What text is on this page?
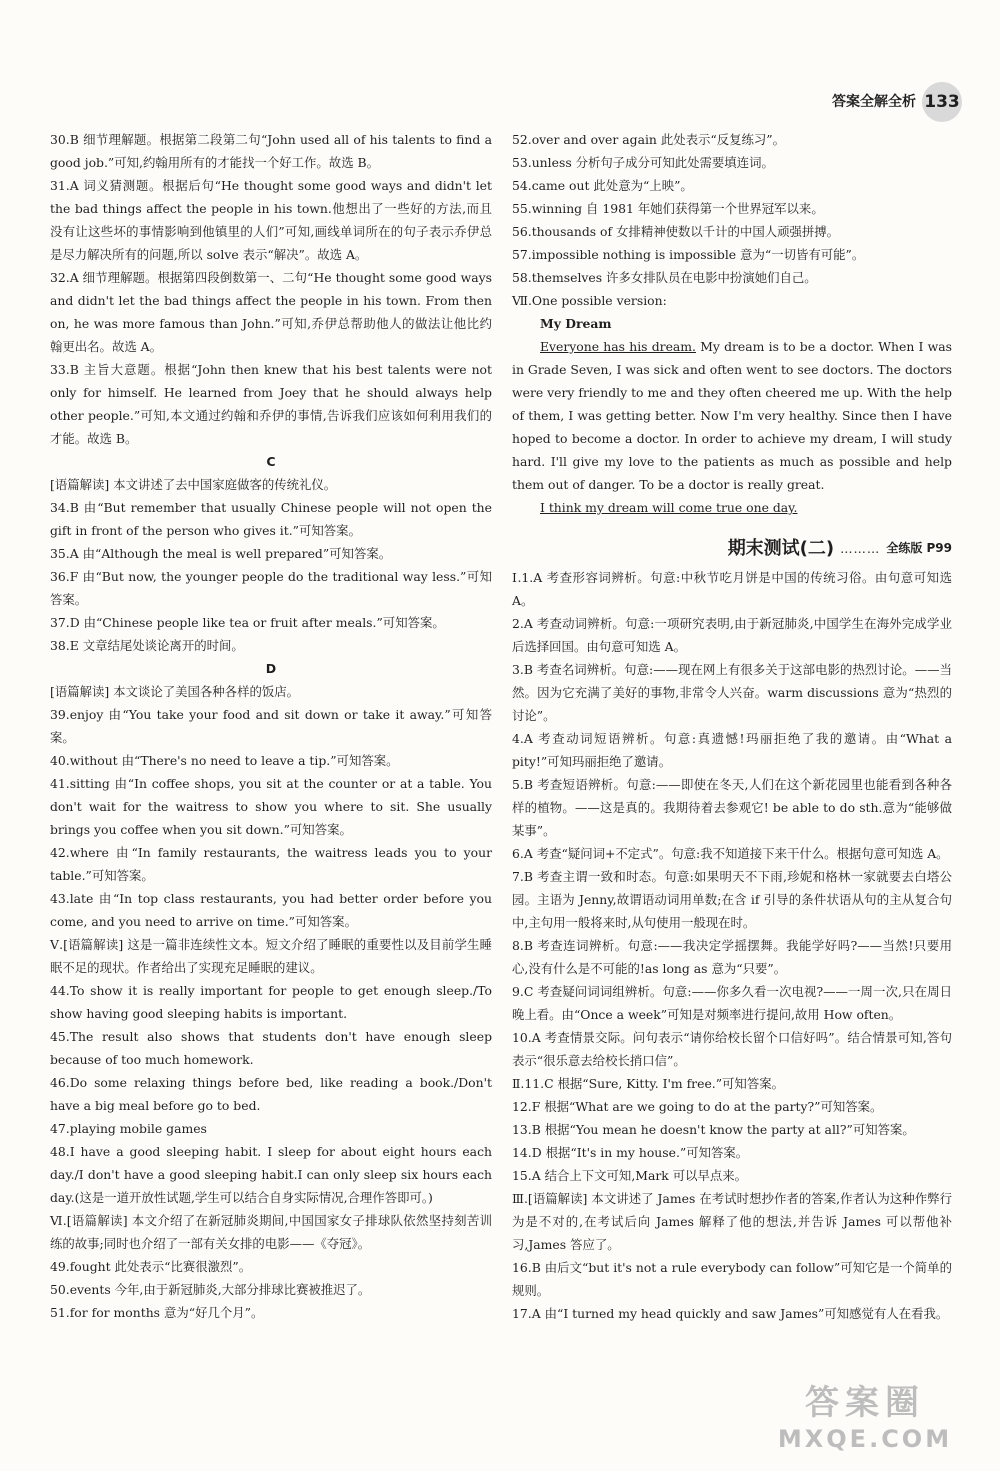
答案全解全析 133

30.B 细节理解题。根据第二段第二句“John used all of his talents to find a good job.”可知,约翰用所有的才能找一个好工作。故选 B。

31.A 词义猜测题。根据后句“He thought some good ways and didn't let the bad things affect the people in his town.他想出了一些好的方法,而且没有让这些坏的事情影响到他镇里的人们”可知,画线单词所在的句子表示乔伊总是尽力解决所有的问题,所以 solve 表示“解决”。故选 A。

32.A 细节理解题。根据第四段倒数第一、二句“He thought some good ways and didn't let the bad things affect the people in his town. From then on, he was more famous than John.”可知,乔伊总帮助他人的做法让他比约翰更出名。故选 A。

33.B 主旨大意题。根据“John then knew that his best talents were not only for himself. He learned from Joey that he should always help other people.”可知,本文通过约翰和乔伊的事情,告诉我们应该如何利用我们的才能。故选 B。

C

[语篇解读] 本文讲述了去中国家庭做客的传统礼仪。

34.B 由“But remember that usually Chinese people will not open the gift in front of the person who gives it.”可知答案。

35.A 由“Although the meal is well prepared”可知答案。

36.F 由“But now, the younger people do the traditional way less.”可知答案。

37.D 由“Chinese people like tea or fruit after meals.”可知答案。

38.E 文章结尾处谈论离开的时间。

D

[语篇解读] 本文谈论了美国各种各样的饭店。

39.enjoy 由“You take your food and sit down or take it away.”可知答案。

40.without 由“There's no need to leave a tip.”可知答案。

41.sitting 由“In coffee shops, you sit at the counter or at a table. You don't wait for the waitress to show you where to sit. She usually brings you coffee when you sit down.”可知答案。

42.where 由“In family restaurants, the waitress leads you to your table.”可知答案。

43.late 由“In top class restaurants, you had better order before you come, and you need to arrive on time.”可知答案。

Ⅴ.[语篇解读] 这是一篇非连续性文本。短文介绍了睡眠的重要性以及目前学生睡眠不足的现状。作者给出了实现充足睡眠的建议。

44.To show it is really important for people to get enough sleep./To show having good sleeping habits is important.

45.The result also shows that students don't have enough sleep because of too much homework.

46.Do some relaxing things before bed, like reading a book./Don't have a big meal before go to bed.

47.playing mobile games

48.I have a good sleeping habit. I sleep for about eight hours each day./I don't have a good sleeping habit.I can only sleep six hours each day.(这是一道开放性试题,学生可以结合自身实际情况,合理作答即可。)

Ⅵ.[语篇解读] 本文介绍了在新冠肺炎期间,中国国家女子排球队依然坚持刻苦训练的故事;同时也介绍了一部有关女排的电影——《夺冠》。

49.fought 此处表示“比赛很激烈”。

50.events 今年,由于新冠肺炎,大部分排球比赛被推迟了。

51.for for months 意为“好几个月”。

52.over and over again 此处表示“反复练习”。

53.unless 分析句子成分可知此处需要填连词。

54.came out 此处意为“上映”。

55.winning 自 1981 年她们获得第一个世界冠军以来。

56.thousands of 女排精神使数以千计的中国人顽强拼搏。

57.impossible nothing is impossible 意为“一切皆有可能”。

58.themselves 许多女排队员在电影中扮演她们自己。

Ⅶ.One possible version:

My Dream

Everyone has his dream. My dream is to be a doctor. When I was in Grade Seven, I was sick and often went to see doctors. The doctors were very friendly to me and they often cheered me up. With the help of them, I was getting better. Now I'm very healthy. Since then I have hoped to become a doctor. In order to achieve my dream, I will study hard. I'll give my love to the patients as much as possible and help them out of danger. To be a doctor is really great.

I think my dream will come true one day.

期末测试(二) ……… 全练版 P99

Ⅰ.1.A 考查形容词辨析。句意:中秋节吃月饼是中国的传统习俗。由句意可知选 A。

2.A 考查动词辨析。句意:一项研究表明,由于新冠肺炎,中国学生在海外完成学业后选择回国。由句意可知选 A。

3.B 考查名词辨析。句意:——现在网上有很多关于这部电影的热烈讨论。——当然。因为它充满了美好的事物,非常令人兴奋。warm discussions 意为“热烈的讨论”。

4.A 考查动词短语辨析。句意:真遗憾!玛丽拒绝了我的邀请。由“What a pity!”可知玛丽拒绝了邀请。

5.B 考查短语辨析。句意:——即使在冬天,人们在这个新花园里也能看到各种各样的植物。——这是真的。我期待着去参观它! be able to do sth.意为“能够做某事”。

6.A 考查“疑问词+不定式”。句意:我不知道接下来干什么。根据句意可知选 A。

7.B 考查主谓一致和时态。句意:如果明天不下雨,珍妮和格林一家就要去白塔公园。主语为 Jenny,故谓语动词用单数;在含 if 引导的条件状语从句的主从复合句中,主句用一般将来时,从句使用一般现在时。

8.B 考查连词辨析。句意:——我决定学摇摆舞。我能学好吗?——当然!只要用心,没有什么是不可能的!as long as 意为“只要”。

9.C 考查疑问词词组辨析。句意:——你多久看一次电视?——一周一次,只在周日晚上看。由“Once a week”可知是对频率进行提问,故用 How often。

10.A 考查情景交际。问句表示“请你给校长留个口信好吗”。结合情景可知,答句表示“很乐意去给校长捎口信”。

Ⅱ.11.C 根据“Sure, Kitty. I'm free.”可知答案。

12.F 根据“What are we going to do at the party?”可知答案。

13.B 根据“You mean he doesn't know the party at all?”可知答案。

14.D 根据“It's in my house.”可知答案。

15.A 结合上下文可知,Mark 可以早点来。

Ⅲ.[语篇解读] 本文讲述了 James 在考试时想抄作者的答案,作者认为这种作弊行为是不对的,在考试后向 James 解释了他的想法,并告诉 James 可以帮他补习,James 答应了。

16.B 由后文“but it's not a rule everybody can follow”可知它是一个简单的规则。

17.A 由“I turned my head quickly and saw James”可知感觉有人在看我。

答案圈
MXQE.COM
